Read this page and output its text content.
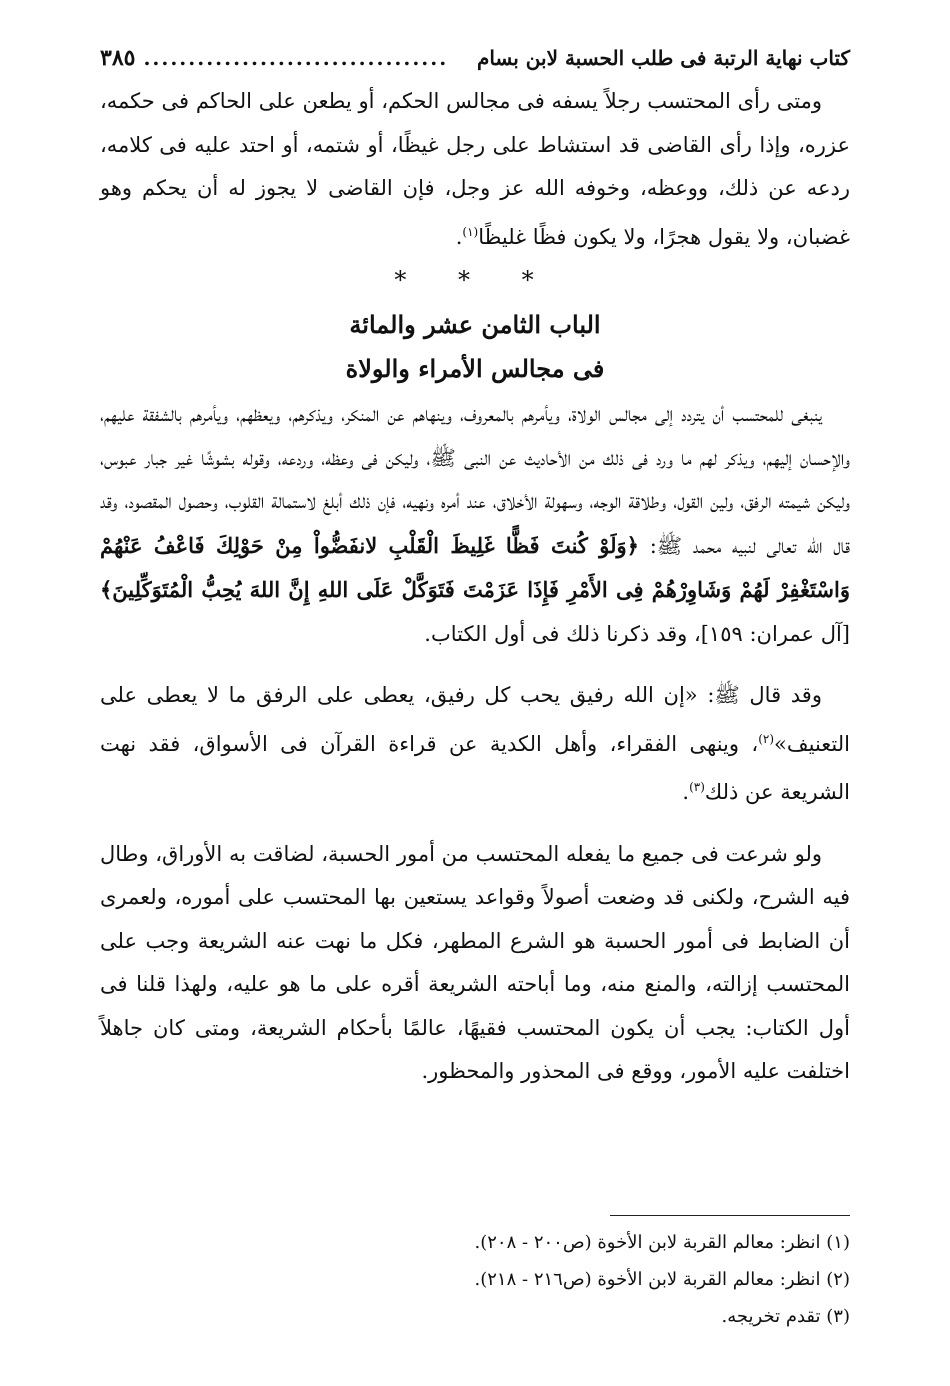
كتاب نهاية الرتبة فى طلب الحسبة لابن بسام
..................................
٣٨٥

ومتى رأى المحتسب رجلاً يسفه فى مجالس الحكم، أو يطعن على الحاكم فى حكمه، عزره، وإذا رأى القاضى قد استشاط على رجل غيظًا، أو شتمه، أو احتد عليه فى كلامه، ردعه عن ذلك، ووعظه، وخوفه الله عز وجل، فإن القاضى لا يجوز له أن يحكم وهو غضبان، ولا يقول هجرًا، ولا يكون فظًا غليظًا$^{(١)}$.

* * *
الباب الثامن عشر والمائة
فى مجالس الأمراء والولاة

ينبغى للمحتسب أن يتردد إلى مجالس الولاة، ويأمرهم بالمعروف، وينهاهم عن المنكر، ويذكرهم، ويعظهم، ويأمرهم بالشفقة عليهم، والإحسان إليهم، ويذكر لهم ما ورد فى ذلك من الأحاديث عن النبى ﷺ، وليكن فى وعظه، وردعه، وقوله بشوشًا غير جبار عبوس، وليكن شيمته الرفق، ولين القول، وطلاقة الوجه، وسهولة الأخلاق، عند أمره ونهيه، فإن ذلك أبلغ لاستمالة القلوب، وحصول المقصود، وقد قال الله تعالى لنبيه محمد ﷺ: ﴿وَلَوْ كُنتَ فَظًّا غَلِيظَ الْقَلْبِ لانفَضُّواْ مِنْ حَوْلِكَ فَاعْفُ عَنْهُمْ وَاسْتَغْفِرْ لَهُمْ وَشَاوِرْهُمْ فِى الأَمْرِ فَإِذَا عَزَمْتَ فَتَوَكَّلْ عَلَى اللهِ إِنَّ اللهَ يُحِبُّ الْمُتَوَكِّلِينَ﴾ [آل عمران: ١٥٩]، وقد ذكرنا ذلك فى أول الكتاب.

وقد قال ﷺ: «إن الله رفيق يحب كل رفيق، يعطى على الرفق ما لا يعطى على التعنيف»$^{(٢)}$، وينهى الفقراء، وأهل الكدية عن قراءة القرآن فى الأسواق، فقد نهت الشريعة عن ذلك$^{(٣)}$.

ولو شرعت فى جميع ما يفعله المحتسب من أمور الحسبة، لضاقت به الأوراق، وطال فيه الشرح، ولكنى قد وضعت أصولاً وقواعد يستعين بها المحتسب على أموره، ولعمرى أن الضابط فى أمور الحسبة هو الشرع المطهر، فكل ما نهت عنه الشريعة وجب على المحتسب إزالته، والمنع منه، وما أباحته الشريعة أقره على ما هو عليه، ولهذا قلنا فى أول الكتاب: يجب أن يكون المحتسب فقيهًا، عالمًا بأحكام الشريعة، ومتى كان جاهلاً اختلفت عليه الأمور، ووقع فى المحذور والمحظور.

(١) انظر: معالم القربة لابن الأخوة (ص٢٠٠ - ٢٠٨).

(٢) انظر: معالم القربة لابن الأخوة (ص٢١٦ - ٢١٨).

(٣) تقدم تخريجه.
